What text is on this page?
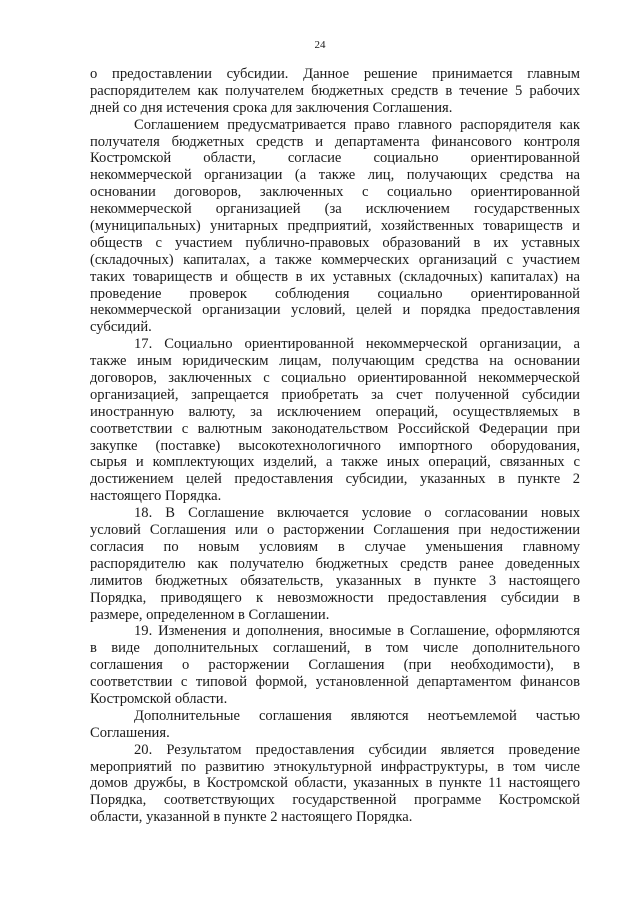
24
о предоставлении субсидии. Данное решение принимается главным
распорядителем как получателем бюджетных средств в течение 5 рабочих
дней со дня истечения срока для заключения Соглашения.
Соглашением предусматривается право главного распорядителя как
получателя бюджетных средств и департамента финансового контроля
Костромской области, согласие социально ориентированной
некоммерческой организации (а также лиц, получающих средства на
основании договоров, заключенных с социально ориентированной
некоммерческой организацией (за исключением государственных
(муниципальных) унитарных предприятий, хозяйственных товариществ и
обществ с участием публично-правовых образований в их уставных
(складочных) капиталах, а также коммерческих организаций с участием
таких товариществ и обществ в их уставных (складочных) капиталах) на
проведение проверок соблюдения социально ориентированной
некоммерческой организации условий, целей и порядка предоставления
субсидий.
17. Социально ориентированной некоммерческой организации, а
также иным юридическим лицам, получающим средства на основании
договоров, заключенных с социально ориентированной некоммерческой
организацией, запрещается приобретать за счет полученной субсидии
иностранную валюту, за исключением операций, осуществляемых в
соответствии с валютным законодательством Российской Федерации при
закупке (поставке) высокотехнологичного импортного оборудования,
сырья и комплектующих изделий, а также иных операций, связанных с
достижением целей предоставления субсидии, указанных в пункте 2
настоящего Порядка.
18. В Соглашение включается условие о согласовании новых
условий Соглашения или о расторжении Соглашения при недостижении
согласия по новым условиям в случае уменьшения главному
распорядителю как получателю бюджетных средств ранее доведенных
лимитов бюджетных обязательств, указанных в пункте 3 настоящего
Порядка, приводящего к невозможности предоставления субсидии в
размере, определенном в Соглашении.
19. Изменения и дополнения, вносимые в Соглашение, оформляются
в виде дополнительных соглашений, в том числе дополнительного
соглашения о расторжении Соглашения (при необходимости), в
соответствии с типовой формой, установленной департаментом финансов
Костромской области.
Дополнительные соглашения являются неотъемлемой частью
Соглашения.
20. Результатом предоставления субсидии является проведение
мероприятий по развитию этнокультурной инфраструктуры, в том числе
домов дружбы, в Костромской области, указанных в пункте 11 настоящего
Порядка, соответствующих государственной программе Костромской
области, указанной в пункте 2 настоящего Порядка.
